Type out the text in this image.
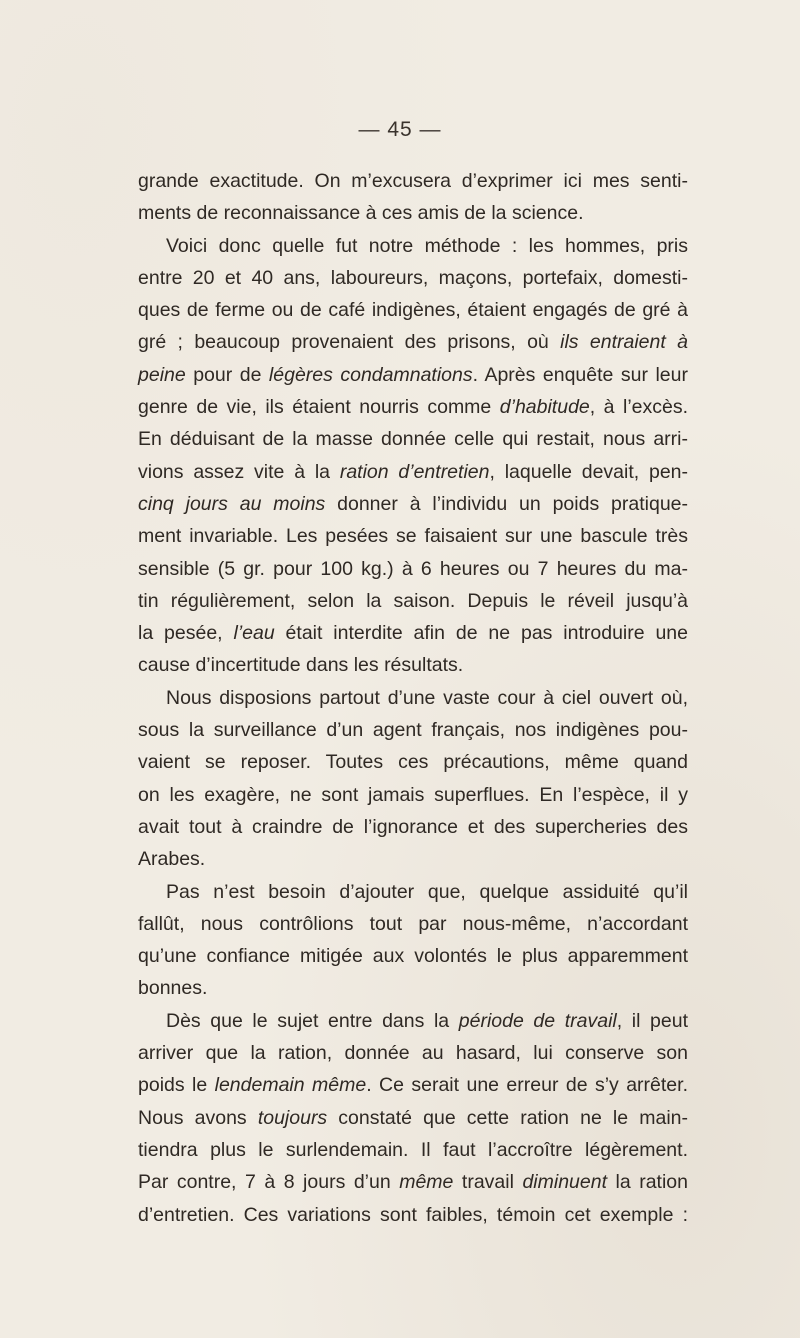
— 45 —
grande exactitude. On m’excusera d’exprimer ici mes senti-
ments de reconnaissance à ces amis de la science.
Voici donc quelle fut notre méthode : les hommes, pris
entre 20 et 40 ans, laboureurs, maçons, portefaix, domesti-
ques de ferme ou de café indigènes, étaient engagés de gré à
gré ; beaucoup provenaient des prisons, où ils entraient à
peine pour de légères condamnations. Après enquête sur leur
genre de vie, ils étaient nourris comme d’habitude, à l’excès.
En déduisant de la masse donnée celle qui restait, nous arri-
vions assez vite à la ration d’entretien, laquelle devait, pen-
cinq jours au moins donner à l’individu un poids pratique-
ment invariable. Les pesées se faisaient sur une bascule très
sensible (5 gr. pour 100 kg.) à 6 heures ou 7 heures du ma-
tin régulièrement, selon la saison. Depuis le réveil jusqu’à
la pesée, l’eau était interdite afin de ne pas introduire une
cause d’incertitude dans les résultats.
Nous disposions partout d’une vaste cour à ciel ouvert où,
sous la surveillance d’un agent français, nos indigènes pou-
vaient se reposer. Toutes ces précautions, même quand
on les exagère, ne sont jamais superflues. En l’espèce, il y
avait tout à craindre de l’ignorance et des supercheries des
Arabes.
Pas n’est besoin d’ajouter que, quelque assiduité qu’il
fallût, nous contrôlions tout par nous-même, n’accordant
qu’une confiance mitigée aux volontés le plus apparemment
bonnes.
Dès que le sujet entre dans la période de travail, il peut
arriver que la ration, donnée au hasard, lui conserve son
poids le lendemain même. Ce serait une erreur de s’y arrêter.
Nous avons toujours constaté que cette ration ne le main-
tiendra plus le surlendemain. Il faut l’accroître légèrement.
Par contre, 7 à 8 jours d’un même travail diminuent la ration
d’entretien. Ces variations sont faibles, témoin cet exemple :
